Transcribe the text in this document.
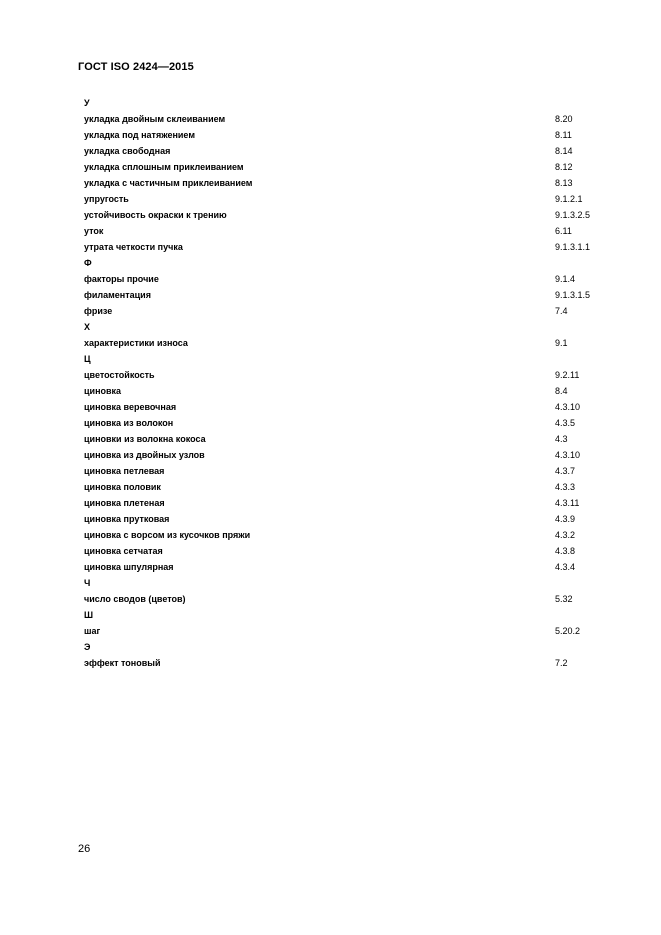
ГОСТ ISO 2424—2015
У
укладка двойным склеиванием	8.20
укладка под натяжением	8.11
укладка свободная	8.14
укладка сплошным приклеиванием	8.12
укладка с частичным приклеиванием	8.13
упругость	9.1.2.1
устойчивость окраски к трению	9.1.3.2.5
уток	6.11
утрата четкости пучка	9.1.3.1.1
Ф
факторы прочие	9.1.4
филаментация	9.1.3.1.5
фризе	7.4
Х
характеристики износа	9.1
Ц
цветостойкость	9.2.11
циновка	8.4
циновка веревочная	4.3.10
циновка из волокон	4.3.5
циновки из волокна кокоса	4.3
циновка из двойных узлов	4.3.10
циновка петлевая	4.3.7
циновка половик	4.3.3
циновка плетеная	4.3.11
циновка прутковая	4.3.9
циновка с ворсом из кусочков пряжи	4.3.2
циновка сетчатая	4.3.8
циновка шпулярная	4.3.4
Ч
число сводов (цветов)	5.32
Ш
шаг	5.20.2
Э
эффект тоновый	7.2
26
